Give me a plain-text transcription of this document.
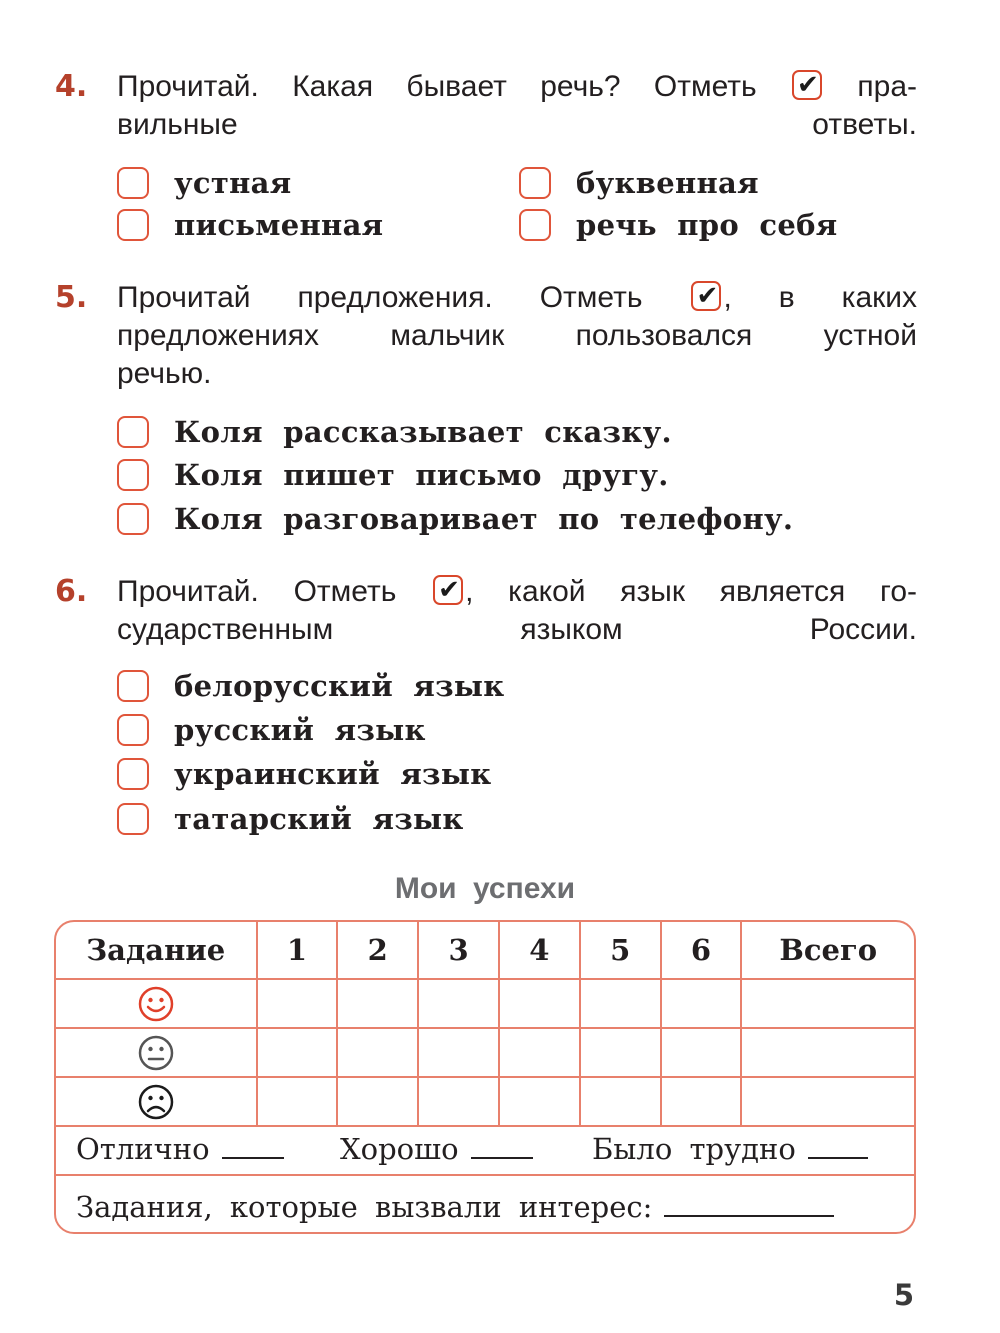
4. Прочитай. Какая бывает речь? Отметь ✔	пра-
вильные ответы.
устная
письменная
буквенная
речь про себя
5. Прочитай предложения. Отметь ✔	, в каких
предложениях мальчик пользовался устной
речью.
Коля рассказывает сказку.
Коля пишет письмо другу.
Коля разговаривает по телефону.
6. Прочитай. Отметь ✔ , какой язык является го-
сударственным языком России.
белорусский язык
русский язык
украинский язык
татарский язык
Мои успехи
Задание	1	2	3	4	5	6	Всего
Отлично	Хорошо	Было трудно
Задания, которые вызвали интерес:
5
